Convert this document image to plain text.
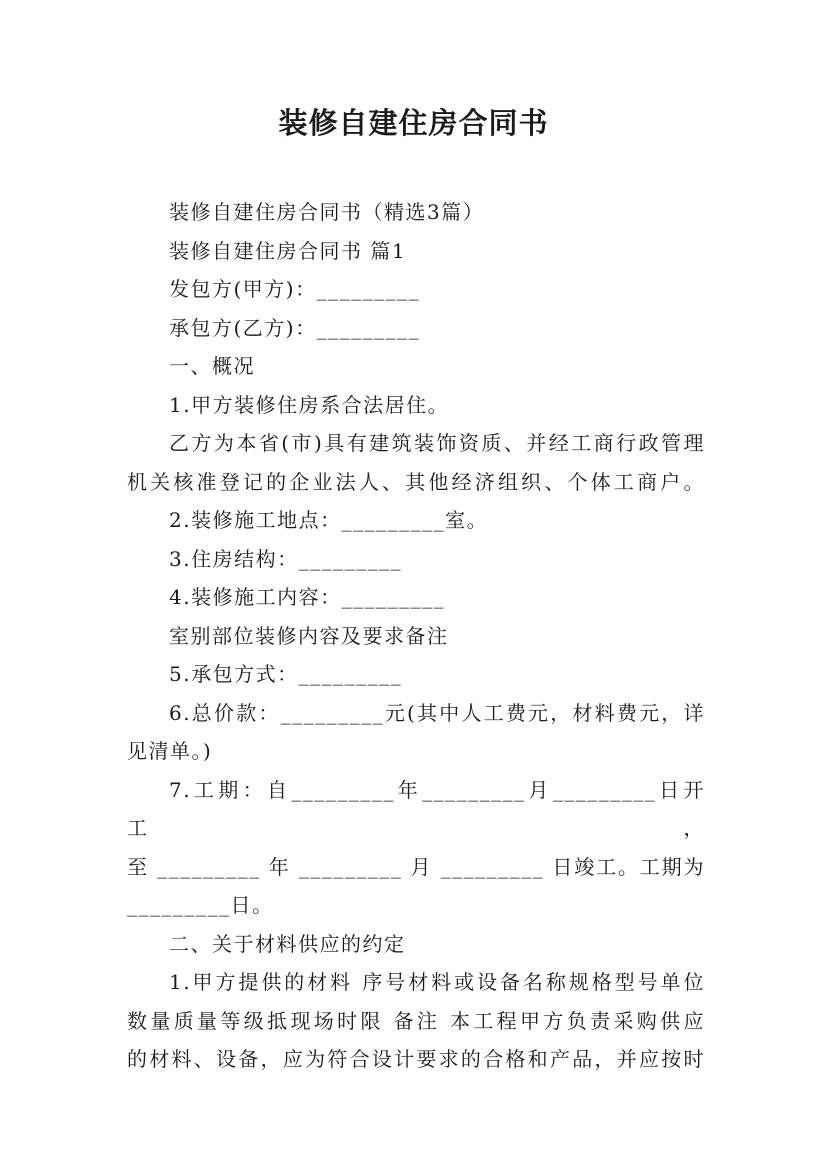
装修自建住房合同书
装修自建住房合同书（精选3篇）
装修自建住房合同书 篇1
发包方(甲方)：_________
承包方(乙方)：_________
一、概况
1.甲方装修住房系合法居住。
乙方为本省(市)具有建筑装饰资质、并经工商行政管理
机关核准登记的企业法人、其他经济组织、个体工商户。
2.装修施工地点：_________室。
3.住房结构：_________
4.装修施工内容：_________
室别部位装修内容及要求备注
5.承包方式：_________
6.总价款：_________元(其中人工费元，材料费元，详
见清单。)
7.工期：自_________年_________月_________日开工，
至 _________ 年 _________ 月 _________ 日竣工。工期为
_________日。
二、关于材料供应的约定
1.甲方提供的材料 序号材料或设备名称规格型号单位
数量质量等级抵现场时限 备注 本工程甲方负责采购供应
的材料、设备，应为符合设计要求的合格和产品，并应按时
